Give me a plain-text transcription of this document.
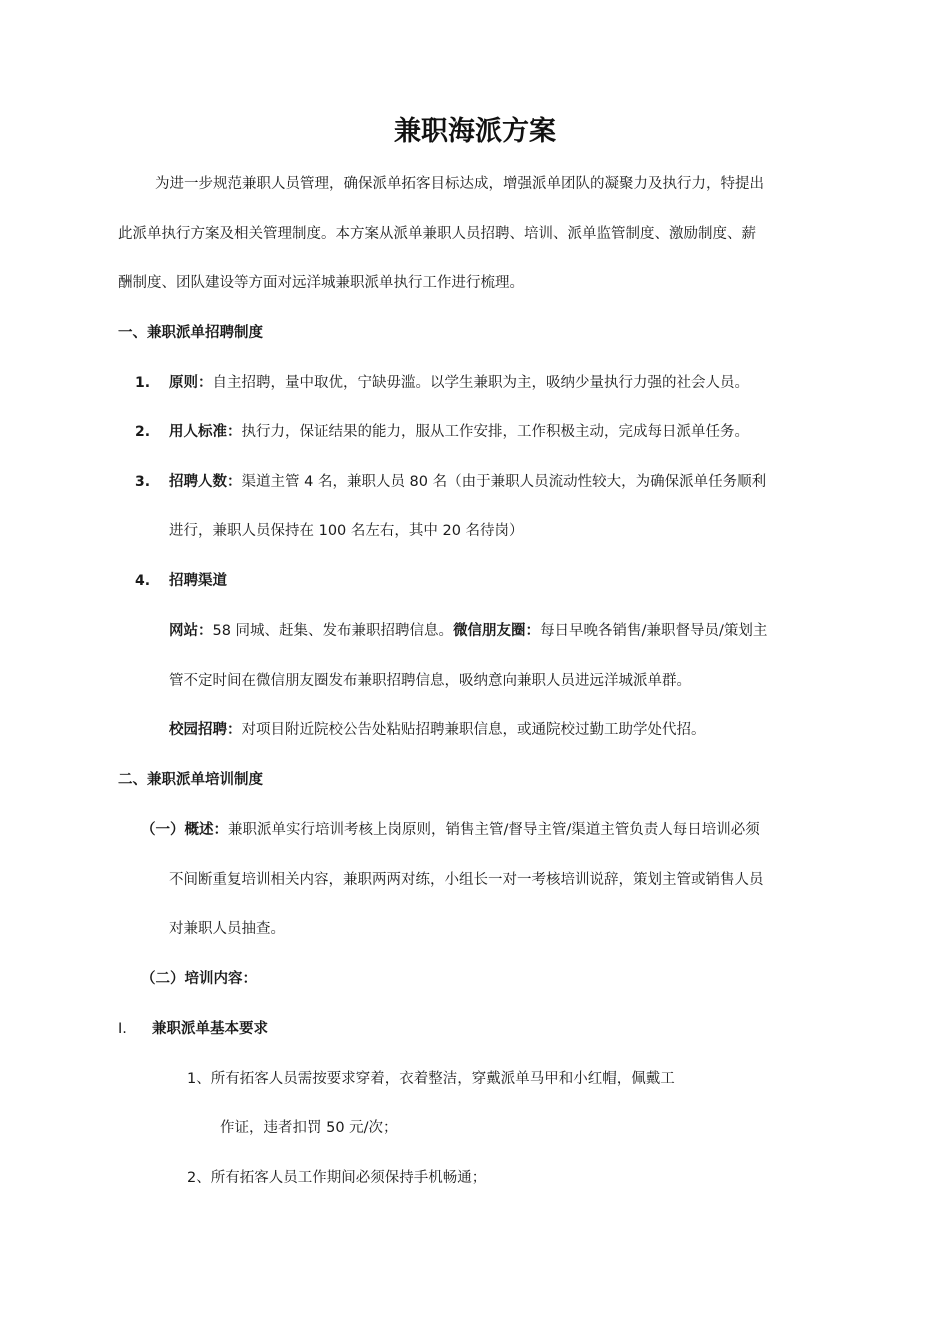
兼职海派方案
为进一步规范兼职人员管理，确保派单拓客目标达成，增强派单团队的凝聚力及执行力，特提出
此派单执行方案及相关管理制度。本方案从派单兼职人员招聘、培训、派单监管制度、激励制度、薪
酬制度、团队建设等方面对远洋城兼职派单执行工作进行梳理。
一、兼职派单招聘制度
1. 原则：自主招聘，量中取优，宁缺毋滥。以学生兼职为主，吸纳少量执行力强的社会人员。
2. 用人标准：执行力，保证结果的能力，服从工作安排，工作积极主动，完成每日派单任务。
3. 招聘人数：渠道主管 4 名，兼职人员 80 名（由于兼职人员流动性较大，为确保派单任务顺利
进行，兼职人员保持在 100 名左右，其中 20 名待岗）
4. 招聘渠道
网站：58 同城、赶集、发布兼职招聘信息。微信朋友圈：每日早晚各销售/兼职督导员/策划主
管不定时间在微信朋友圈发布兼职招聘信息，吸纳意向兼职人员进远洋城派单群。
校园招聘：对项目附近院校公告处粘贴招聘兼职信息，或通院校过勤工助学处代招。
二、兼职派单培训制度
（一）概述：兼职派单实行培训考核上岗原则，销售主管/督导主管/渠道主管负责人每日培训必须
不间断重复培训相关内容，兼职两两对练，小组长一对一考核培训说辞，策划主管或销售人员
对兼职人员抽查。
（二）培训内容：
I. 兼职派单基本要求
1、所有拓客人员需按要求穿着，衣着整洁，穿戴派单马甲和小红帽，佩戴工
作证，违者扣罚 50 元/次；
2、所有拓客人员工作期间必须保持手机畅通；
